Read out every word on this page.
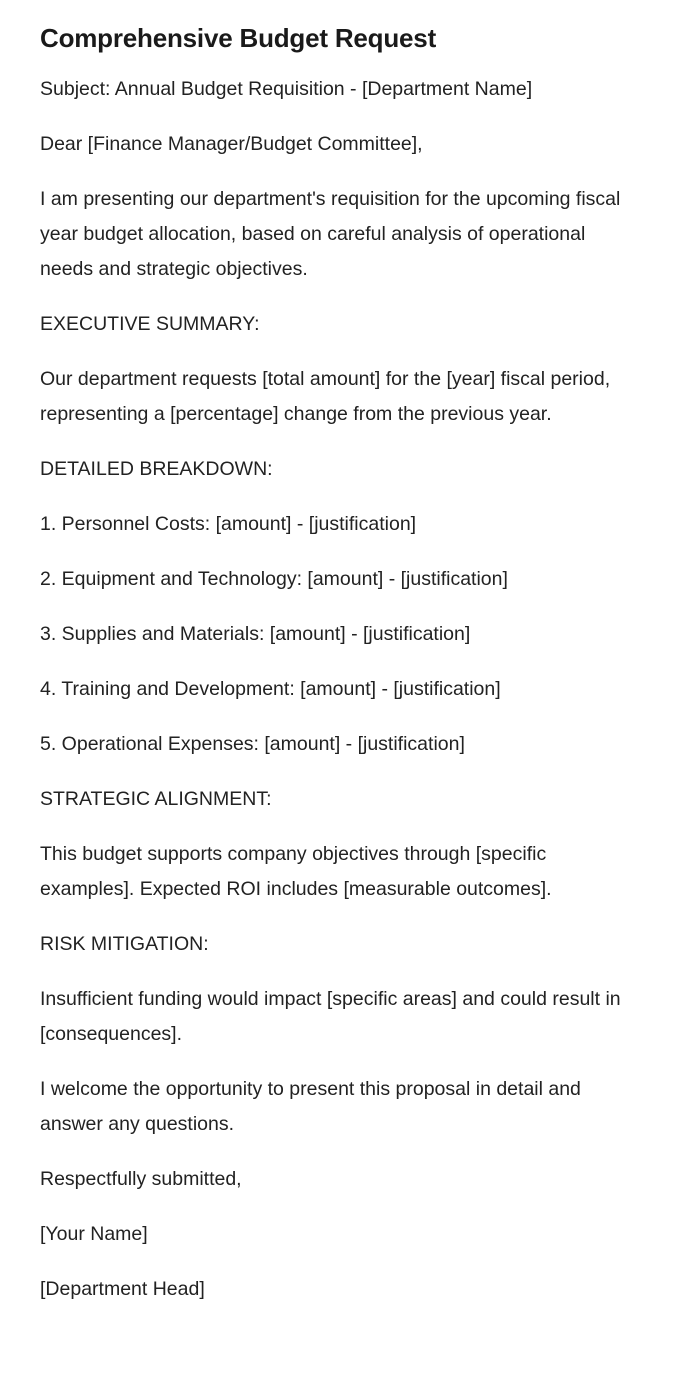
Comprehensive Budget Request

Subject: Annual Budget Requisition - [Department Name]

Dear [Finance Manager/Budget Committee],

I am presenting our department's requisition for the upcoming fiscal year budget allocation, based on careful analysis of operational needs and strategic objectives.

EXECUTIVE SUMMARY:

Our department requests [total amount] for the [year] fiscal period, representing a [percentage] change from the previous year.

DETAILED BREAKDOWN:

1. Personnel Costs: [amount] - [justification]

2. Equipment and Technology: [amount] - [justification]

3. Supplies and Materials: [amount] - [justification]

4. Training and Development: [amount] - [justification]

5. Operational Expenses: [amount] - [justification]

STRATEGIC ALIGNMENT:

This budget supports company objectives through [specific examples]. Expected ROI includes [measurable outcomes].

RISK MITIGATION:

Insufficient funding would impact [specific areas] and could result in [consequences].

I welcome the opportunity to present this proposal in detail and answer any questions.

Respectfully submitted,

[Your Name]

[Department Head]
